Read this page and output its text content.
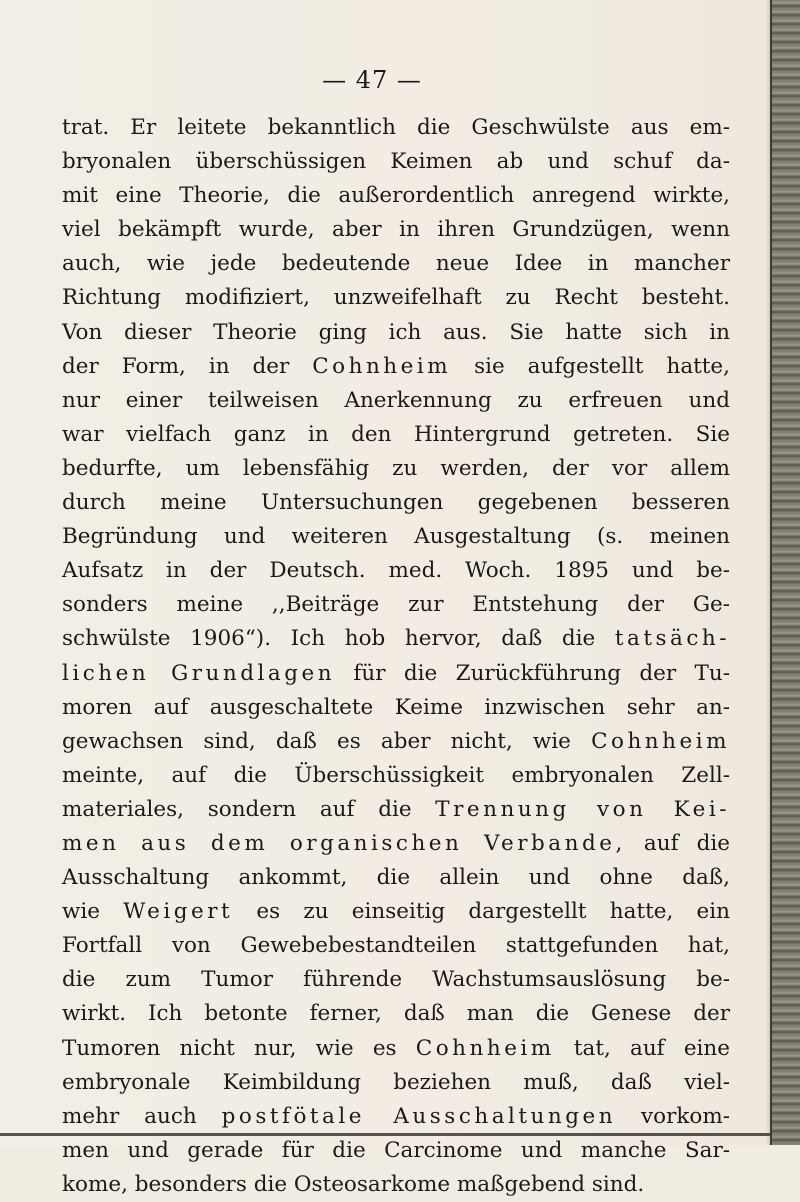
— 47 —
trat. Er leitete bekanntlich die Geschwülste aus em-
bryonalen überschüssigen Keimen ab und schuf da-
mit eine Theorie, die außerordentlich anregend wirkte,
viel bekämpft wurde, aber in ihren Grundzügen, wenn
auch, wie jede bedeutende neue Idee in mancher
Richtung modifiziert, unzweifelhaft zu Recht besteht.
Von dieser Theorie ging ich aus. Sie hatte sich in
der Form, in der Cohnheim sie aufgestellt hatte,
nur einer teilweisen Anerkennung zu erfreuen und
war vielfach ganz in den Hintergrund getreten. Sie
bedurfte, um lebensfähig zu werden, der vor allem
durch meine Untersuchungen gegebenen besseren
Begründung und weiteren Ausgestaltung (s. meinen
Aufsatz in der Deutsch. med. Woch. 1895 und be-
sonders meine ,,Beiträge zur Entstehung der Ge-
schwülste 1906“). Ich hob hervor, daß die tatsäch-
lichen Grundlagen für die Zurückführung der Tu-
moren auf ausgeschaltete Keime inzwischen sehr an-
gewachsen sind, daß es aber nicht, wie Cohnheim
meinte, auf die Überschüssigkeit embryonalen Zell-
materiales, sondern auf die Trennung von Kei-
men aus dem organischen Verbande, auf die
Ausschaltung ankommt, die allein und ohne daß,
wie Weigert es zu einseitig dargestellt hatte, ein
Fortfall von Gewebebestandteilen stattgefunden hat,
die zum Tumor führende Wachstumsauslösung be-
wirkt. Ich betonte ferner, daß man die Genese der
Tumoren nicht nur, wie es Cohnheim tat, auf eine
embryonale Keimbildung beziehen muß, daß viel-
mehr auch postfötale Ausschaltungen vorkom-
men und gerade für die Carcinome und manche Sar-
kome, besonders die Osteosarkome maßgebend sind.
